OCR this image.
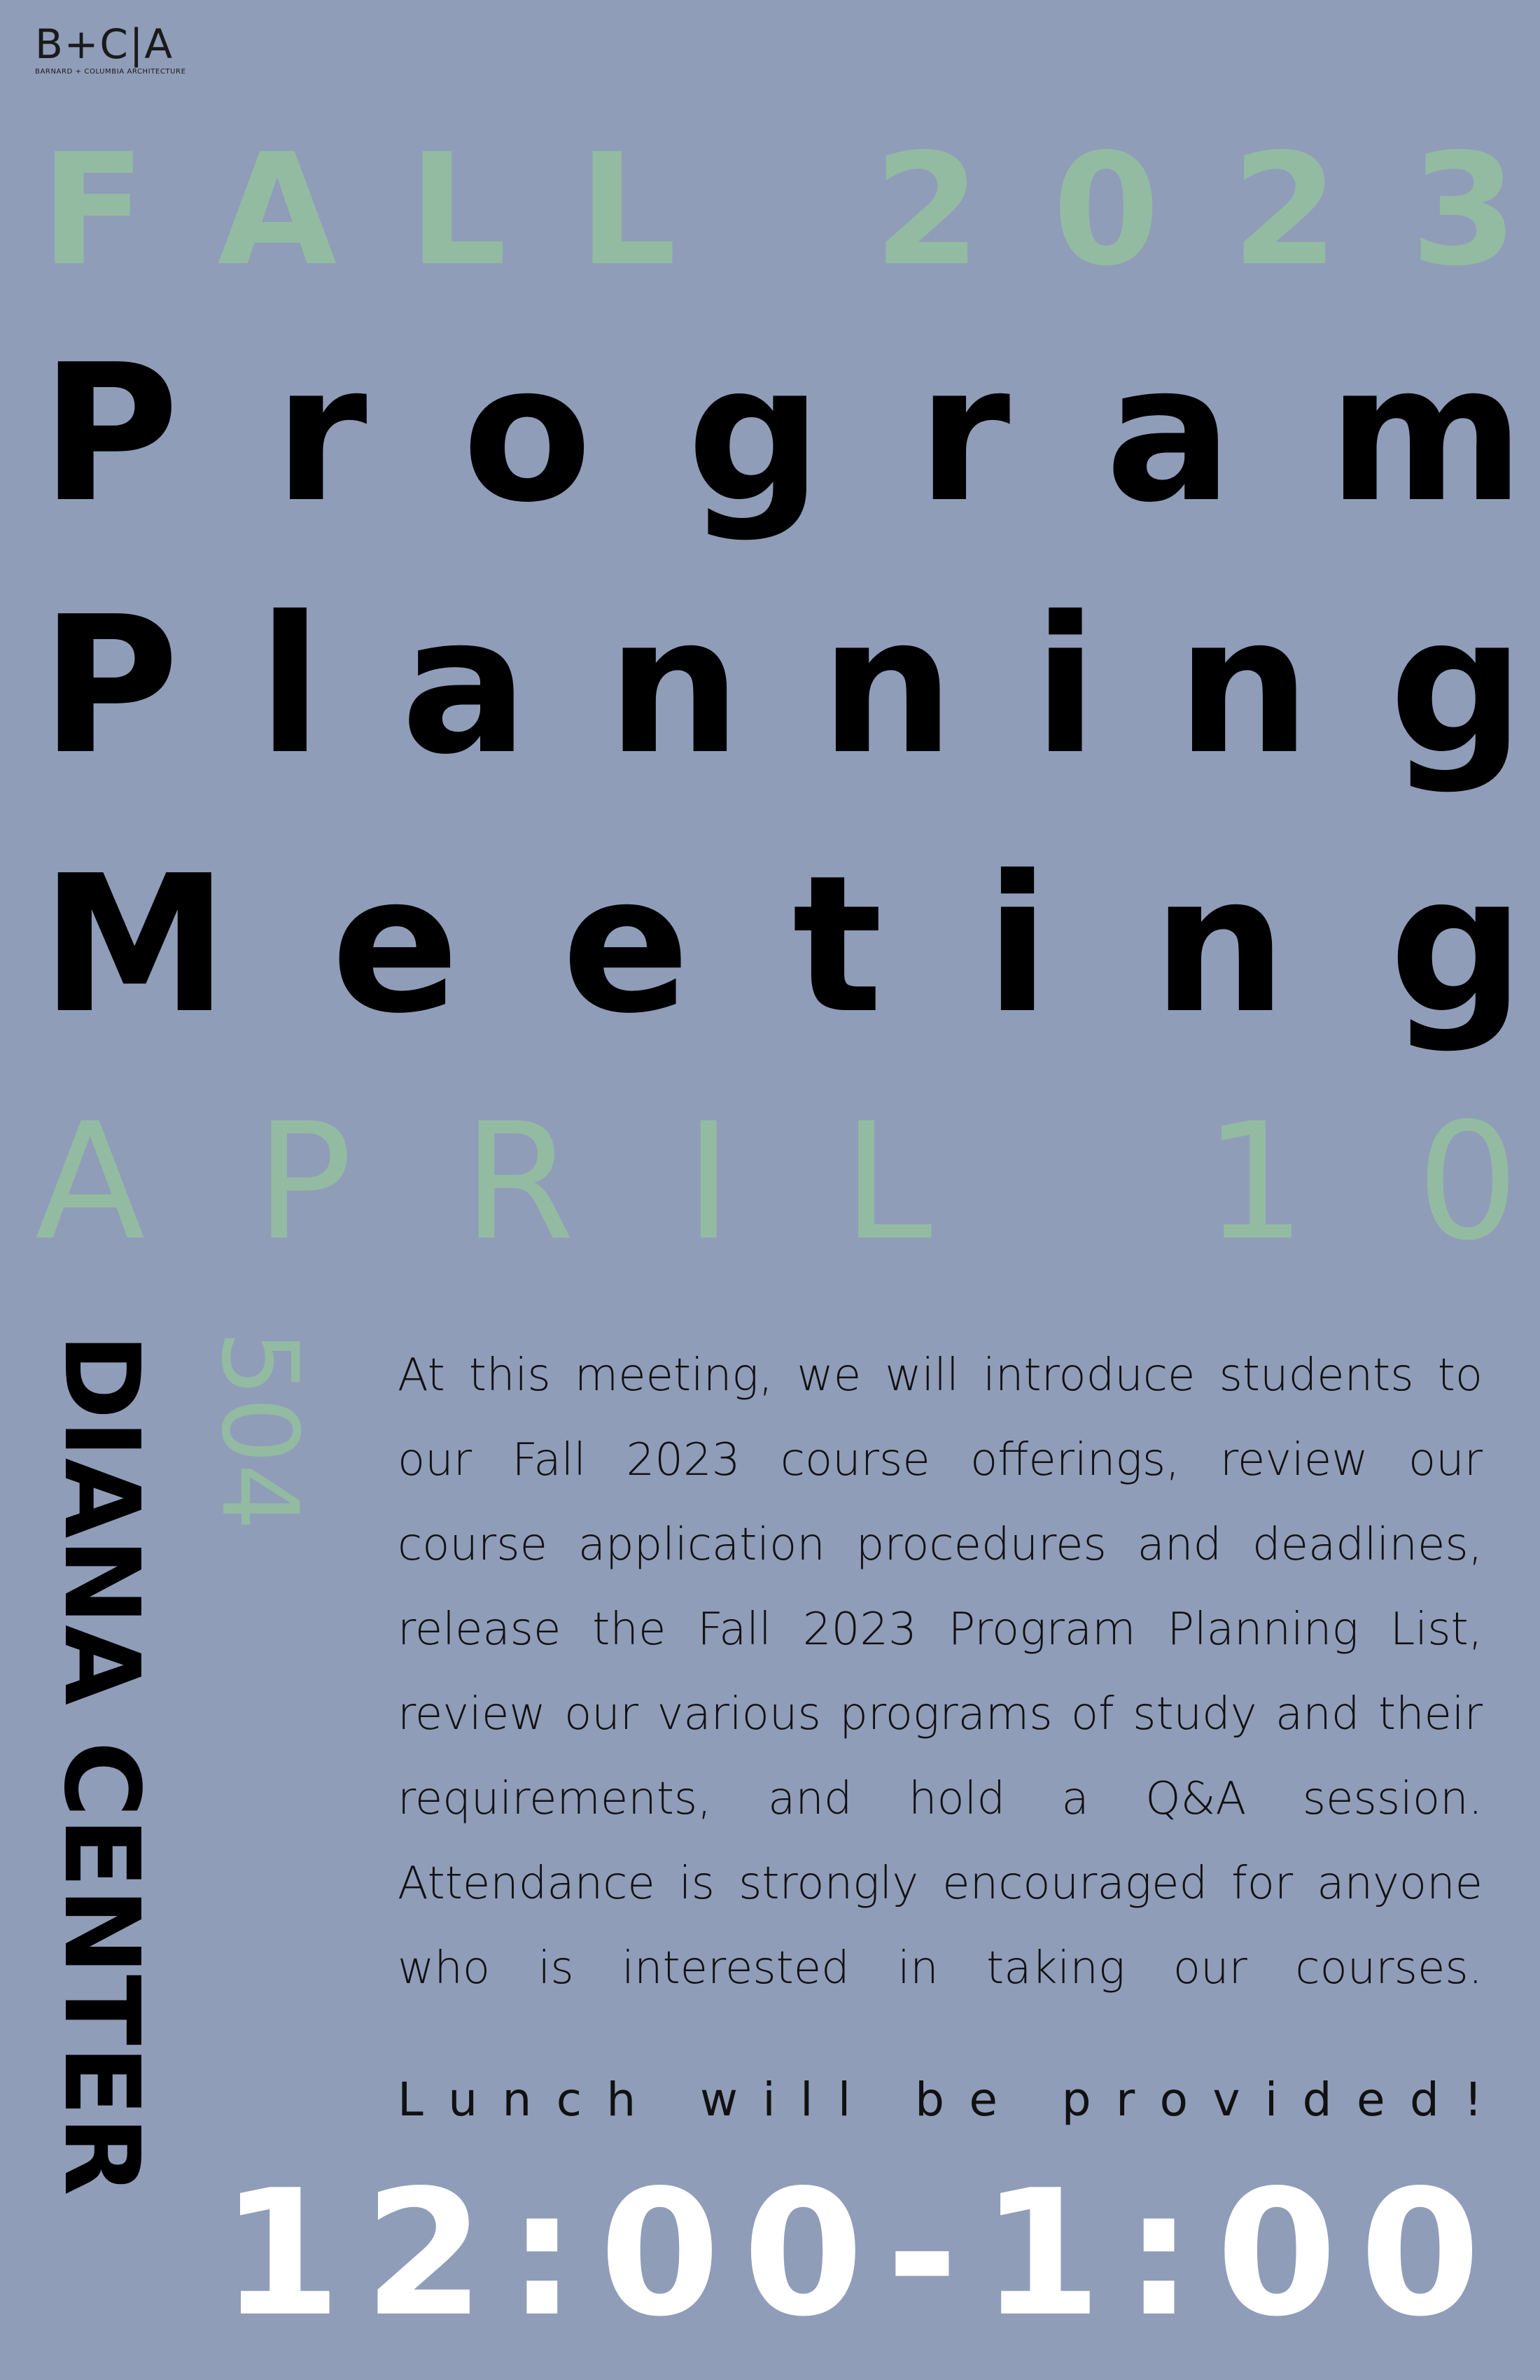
B+C|A
BARNARD + COLUMBIA ARCHITECTURE
F A L L
2 0 2 3
P r o g r a m
P l a n n i n g
M e e t i n g
A P R I L
1 0
DIANA CENTER 504 At this meeting, we will introduce students to our Fall 2023 course offerings, review our course application procedures and deadlines, release the Fall 2023 Program Planning List, review our various programs of study and their requirements, and hold a Q&A session. Attendance is strongly encouraged for anyone who is interested in taking our courses.
L u n c h
w i l l
b e
p r o v i d e d !
1 2 : 0 0 - 1 : 0 0
